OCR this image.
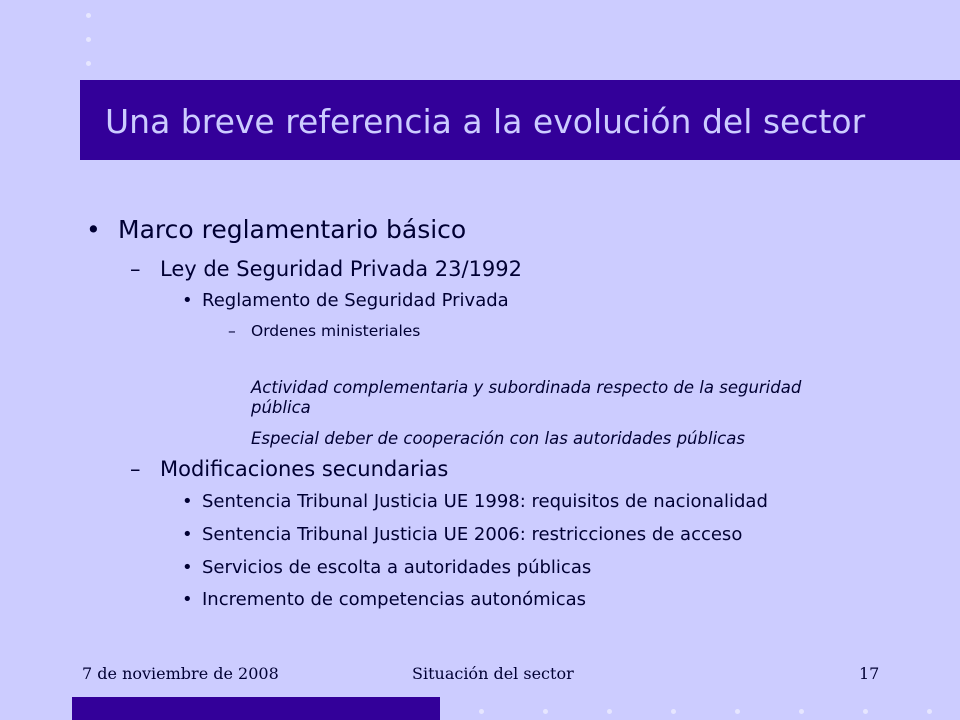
Una breve referencia a la evolución del sector
• Marco reglamentario básico
– Ley de Seguridad Privada 23/1992
• Reglamento de Seguridad Privada
– Ordenes ministeriales
Actividad complementaria y subordinada respecto de la seguridad pública
Especial deber de cooperación con las autoridades públicas
– Modificaciones secundarias
• Sentencia Tribunal Justicia UE 1998: requisitos de nacionalidad
• Sentencia Tribunal Justicia UE 2006: restricciones de acceso
• Servicios de escolta a autoridades públicas
• Incremento de competencias autonómicas
7 de noviembre de 2008	Situación del sector	17
